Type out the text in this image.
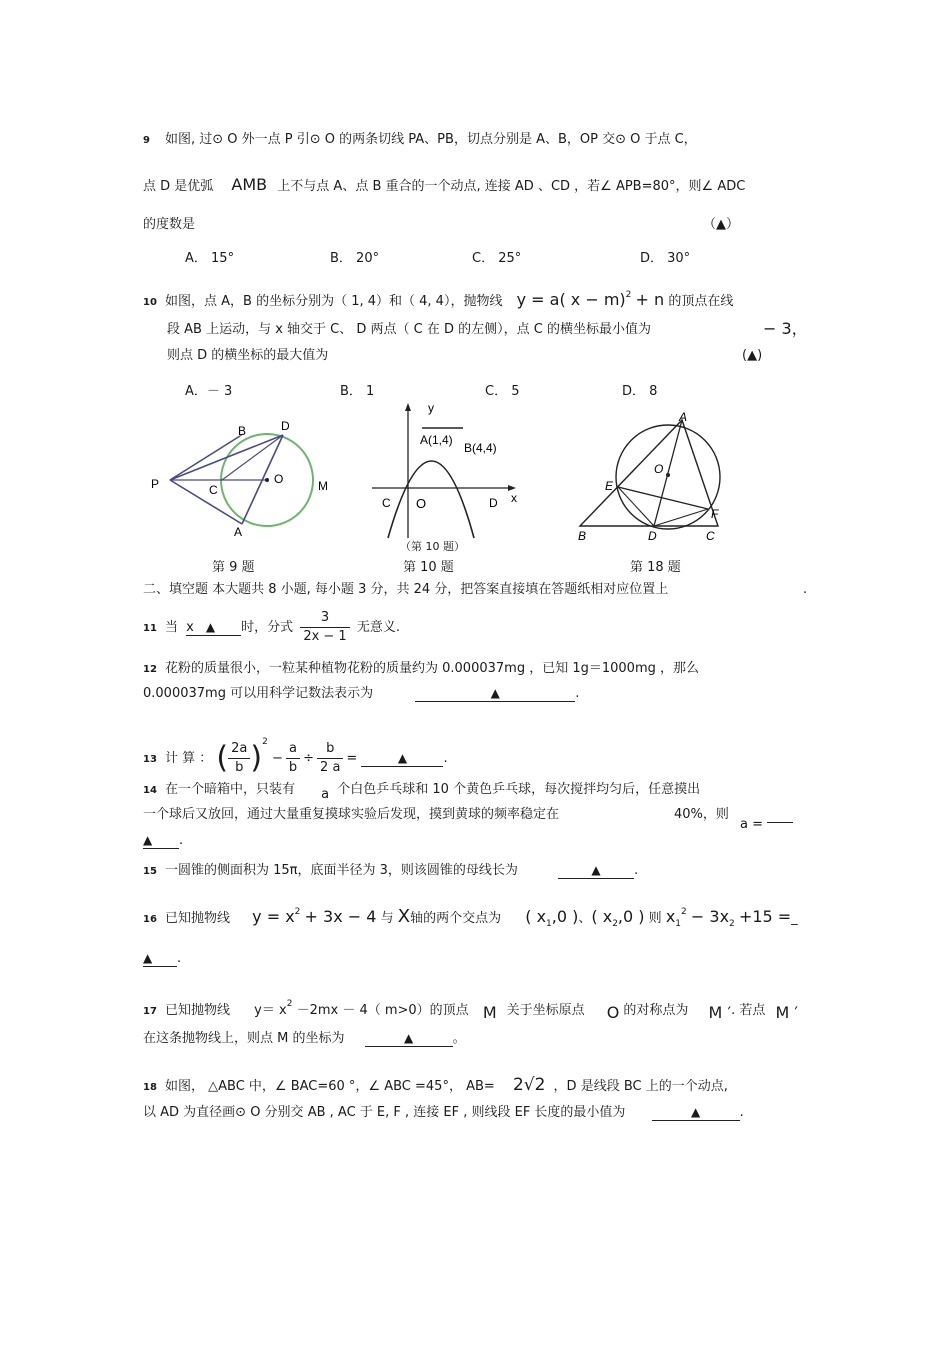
9 如图, 过⊙ O 外一点 P 引⊙ O 的两条切线 PA、PB，切点分别是 A、B，OP 交⊙ O 于点 C，
点 D 是优弧 AMB 上不与点 A、点 B 重合的一个动点, 连接 AD 、CD ，若∠ APB=80°，则∠ ADC
的度数是	（▲）
A． 15°	B． 20°	C． 25°	D． 30°
10 如图，点 A，B 的坐标分别为（ 1, 4）和（ 4, 4），抛物线 y = a( x − m)$^2$ + n 的顶点在线
段 AB 上运动，与 x 轴交于 C、 D 两点（ C 在 D 的左侧），点 C 的横坐标最小值为	− 3，
则点 D 的横坐标的最大值为	(▲)
A．－ 3	B． 1	C． 5	D． 8
B	D
P	C
O	M
A
第 9 题
y
A(1,4)
B(4,4)
C O	D x
（第 10 题）
第 10 题
A
O
E
F
B	D	C
第 18 题
二、填空题 本大题共 8 小题, 每小题 3 分，共 24 分，把答案直接填在答题纸相对应位置上	.
11 当 x ▲ 时，分式 $\frac{3}{2x - 1}$ 无意义.
12 花粉的质量很小，一粒某种植物花粉的质量约为 0.000037mg ，已知 1g＝1000mg ，那么
0.000037mg 可以用科学记数法表示为	▲	.
13 计 算 ： ( $\frac{2a}{b} )^2 - \frac{a}{b} \div \frac{b}{2 a}$ =	▲	.
14 在一个暗箱中，只装有 a 个白色乒乓球和 10 个黄色乒乓球，每次搅拌均匀后，任意摸出
一个球后又放回，通过大量重复摸球实验后发现，摸到黄球的频率稳定在	40%，则
a =
▲ .
15 一圆锥的侧面积为 15π，底面半径为 3，则该圆锥的母线长为	▲	.
16 已知抛物线 $y = x^2 + 3x - 4$ 与 X轴的两个交点为 ( $x_1,0$ )、( $x_2,0$ ) 则 $x_1^2 - 3x_2 +15$ =_
▲ .
17 已知抛物线 $y= x^2 -2mx - 4$（ m>0）的顶点 M 关于坐标原点 O 的对称点为 M ′. 若点 M ′
在这条抛物线上，则点 M 的坐标为	▲	。
18 如图， △ABC 中，∠ BAC=60 °，∠ ABC =45°， AB= 2√2 ，D 是线段 BC 上的一个动点,
以 AD 为直径画⊙ O 分别交 AB , AC 于 E, F , 连接 EF , 则线段 EF 长度的最小值为	▲	.
